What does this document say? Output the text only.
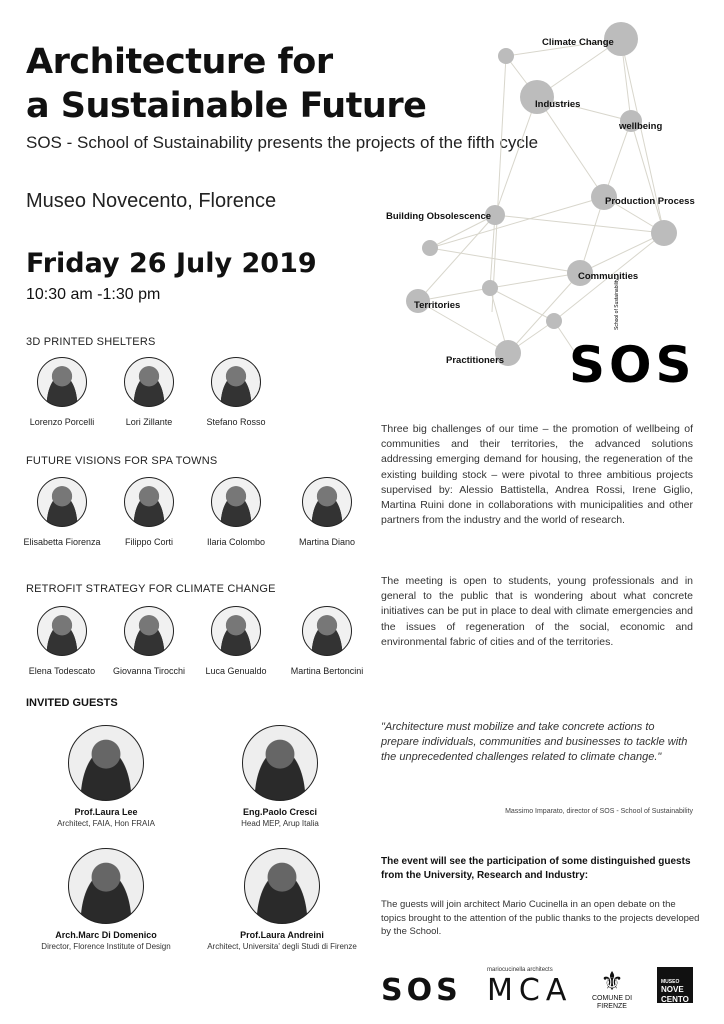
Architecture for
a Sustainable Future
SOS - School of Sustainability presents the projects of the fifth cycle
Museo Novecento, Florence
Friday 26 July 2019
10:30 am -1:30 pm
Climate Change
Industries
wellbeing
Production Process
Building Obsolescence
Communities
Territories
Practitioners SOS
School of Sustainability
3D PRINTED SHELTERS
Lorenzo Porcelli	Lori Zillante	Stefano Rosso
FUTURE VISIONS FOR SPA TOWNS
Elisabetta Fiorenza	Filippo Corti	Ilaria Colombo	Martina Diano
RETROFIT STRATEGY FOR CLIMATE CHANGE
Elena Todescato	Giovanna Tirocchi	Luca Genualdo	Martina Bertoncini
INVITED GUESTS
Prof.Laura Lee
Architect, FAIA, Hon FRAIA
Eng.Paolo Cresci
Head MEP, Arup Italia
Arch.Marc Di Domenico
Director, Florence Institute of Design
Prof.Laura Andreini
Architect, Universita' degli Studi di Firenze
Three big challenges of our time – the promotion of wellbeing of communities and their territories, the advanced solutions addressing emerging demand for housing, the regeneration of the existing building stock – were pivotal to three ambitious projects supervised by: Alessio Battistella, Andrea Rossi, Irene Giglio, Martina Ruini done in collaborations with municipalities and other partners from the industry and the world of research.
The meeting is open to students, young professionals and in general to the public that is wondering about what concrete initiatives can be put in place to deal with climate emergencies and the issues of regeneration of the social, economic and environmental fabric of cities and of the territories.
"Architecture must mobilize and take concrete actions to prepare individuals, communities and businesses to tackle with the unprecedented challenges related to climate change."
Massimo Imparato, director of SOS - School of Sustainability
The event will see the participation of some distinguished guests from the University, Research and Industry:
The guests will join architect Mario Cucinella in an open debate on the topics brought to the attention of the public thanks to the projects developed by the School.
SOS
mariocucinella architects
MCA	⚜
COMUNE DI
FIRENZE
MUSEO
NOVE
CENTO
